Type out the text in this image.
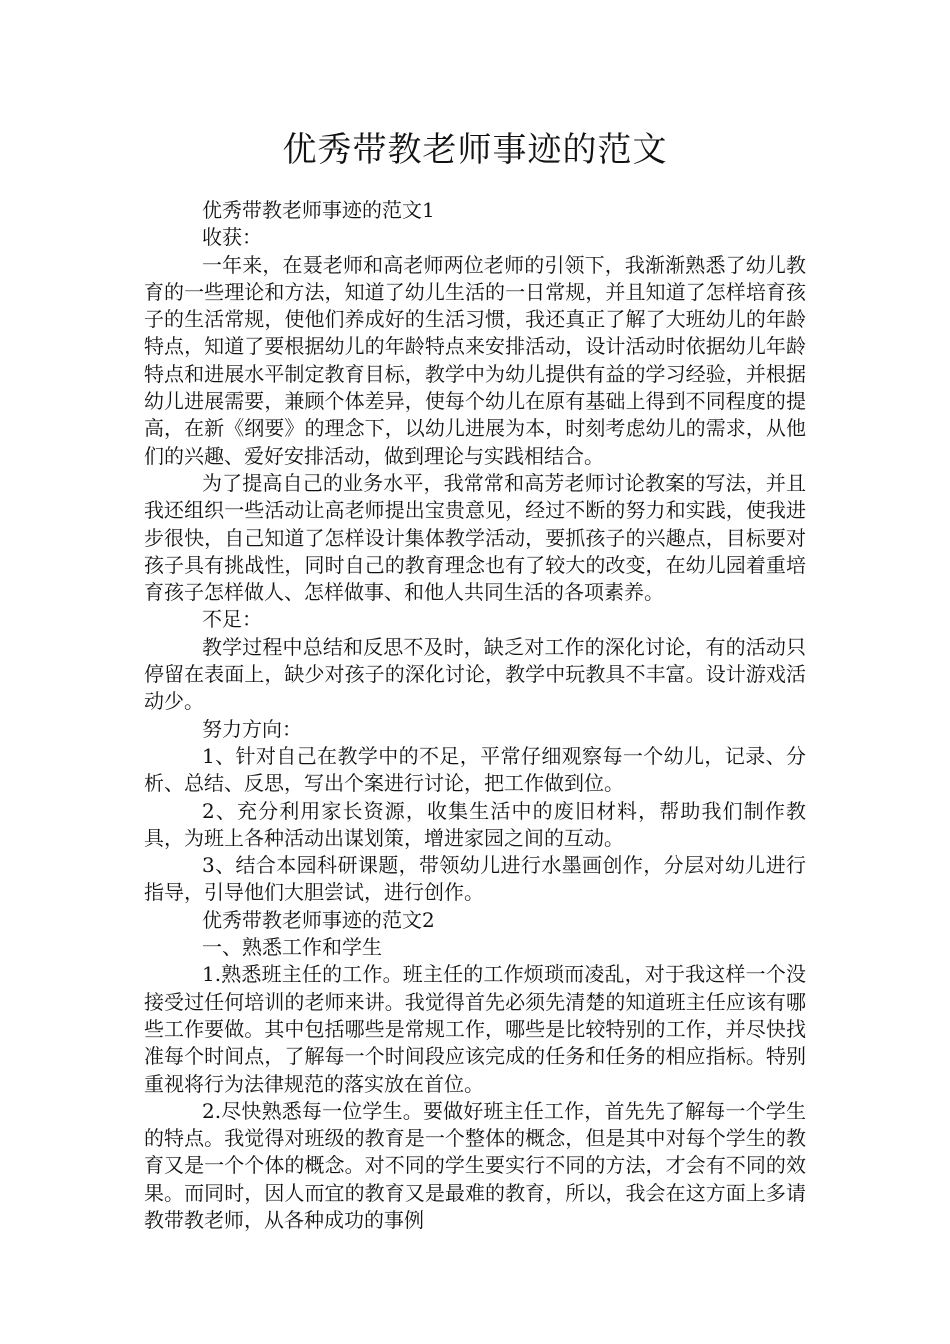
优秀带教老师事迹的范文

优秀带教老师事迹的范文1

收获：

一年来，在聂老师和高老师两位老师的引领下，我渐渐熟悉了幼儿教育的一些理论和方法，知道了幼儿生活的一日常规，并且知道了怎样培育孩子的生活常规，使他们养成好的生活习惯，我还真正了解了大班幼儿的年龄特点，知道了要根据幼儿的年龄特点来安排活动，设计活动时依据幼儿年龄特点和进展水平制定教育目标，教学中为幼儿提供有益的学习经验，并根据幼儿进展需要，兼顾个体差异，使每个幼儿在原有基础上得到不同程度的提高，在新《纲要》的理念下，以幼儿进展为本，时刻考虑幼儿的需求，从他们的兴趣、爱好安排活动，做到理论与实践相结合。

为了提高自己的业务水平，我常常和高芳老师讨论教案的写法，并且我还组织一些活动让高老师提出宝贵意见，经过不断的努力和实践，使我进步很快，自己知道了怎样设计集体教学活动，要抓孩子的兴趣点，目标要对孩子具有挑战性，同时自己的教育理念也有了较大的改变，在幼儿园着重培育孩子怎样做人、怎样做事、和他人共同生活的各项素养。

不足：

教学过程中总结和反思不及时，缺乏对工作的深化讨论，有的活动只停留在表面上，缺少对孩子的深化讨论，教学中玩教具不丰富。设计游戏活动少。

努力方向：

1、针对自己在教学中的不足，平常仔细观察每一个幼儿，记录、分析、总结、反思，写出个案进行讨论，把工作做到位。

2、充分利用家长资源，收集生活中的废旧材料，帮助我们制作教具，为班上各种活动出谋划策，增进家园之间的互动。

3、结合本园科研课题，带领幼儿进行水墨画创作，分层对幼儿进行指导，引导他们大胆尝试，进行创作。

优秀带教老师事迹的范文2

一、熟悉工作和学生

1.熟悉班主任的工作。班主任的工作烦琐而凌乱，对于我这样一个没接受过任何培训的老师来讲。我觉得首先必须先清楚的知道班主任应该有哪些工作要做。其中包括哪些是常规工作，哪些是比较特别的工作，并尽快找准每个时间点，了解每一个时间段应该完成的任务和任务的相应指标。特别重视将行为法律规范的落实放在首位。

2.尽快熟悉每一位学生。要做好班主任工作，首先先了解每一个学生的特点。我觉得对班级的教育是一个整体的概念，但是其中对每个学生的教育又是一个个体的概念。对不同的学生要实行不同的方法，才会有不同的效果。而同时，因人而宜的教育又是最难的教育，所以，我会在这方面上多请教带教老师，从各种成功的事例
